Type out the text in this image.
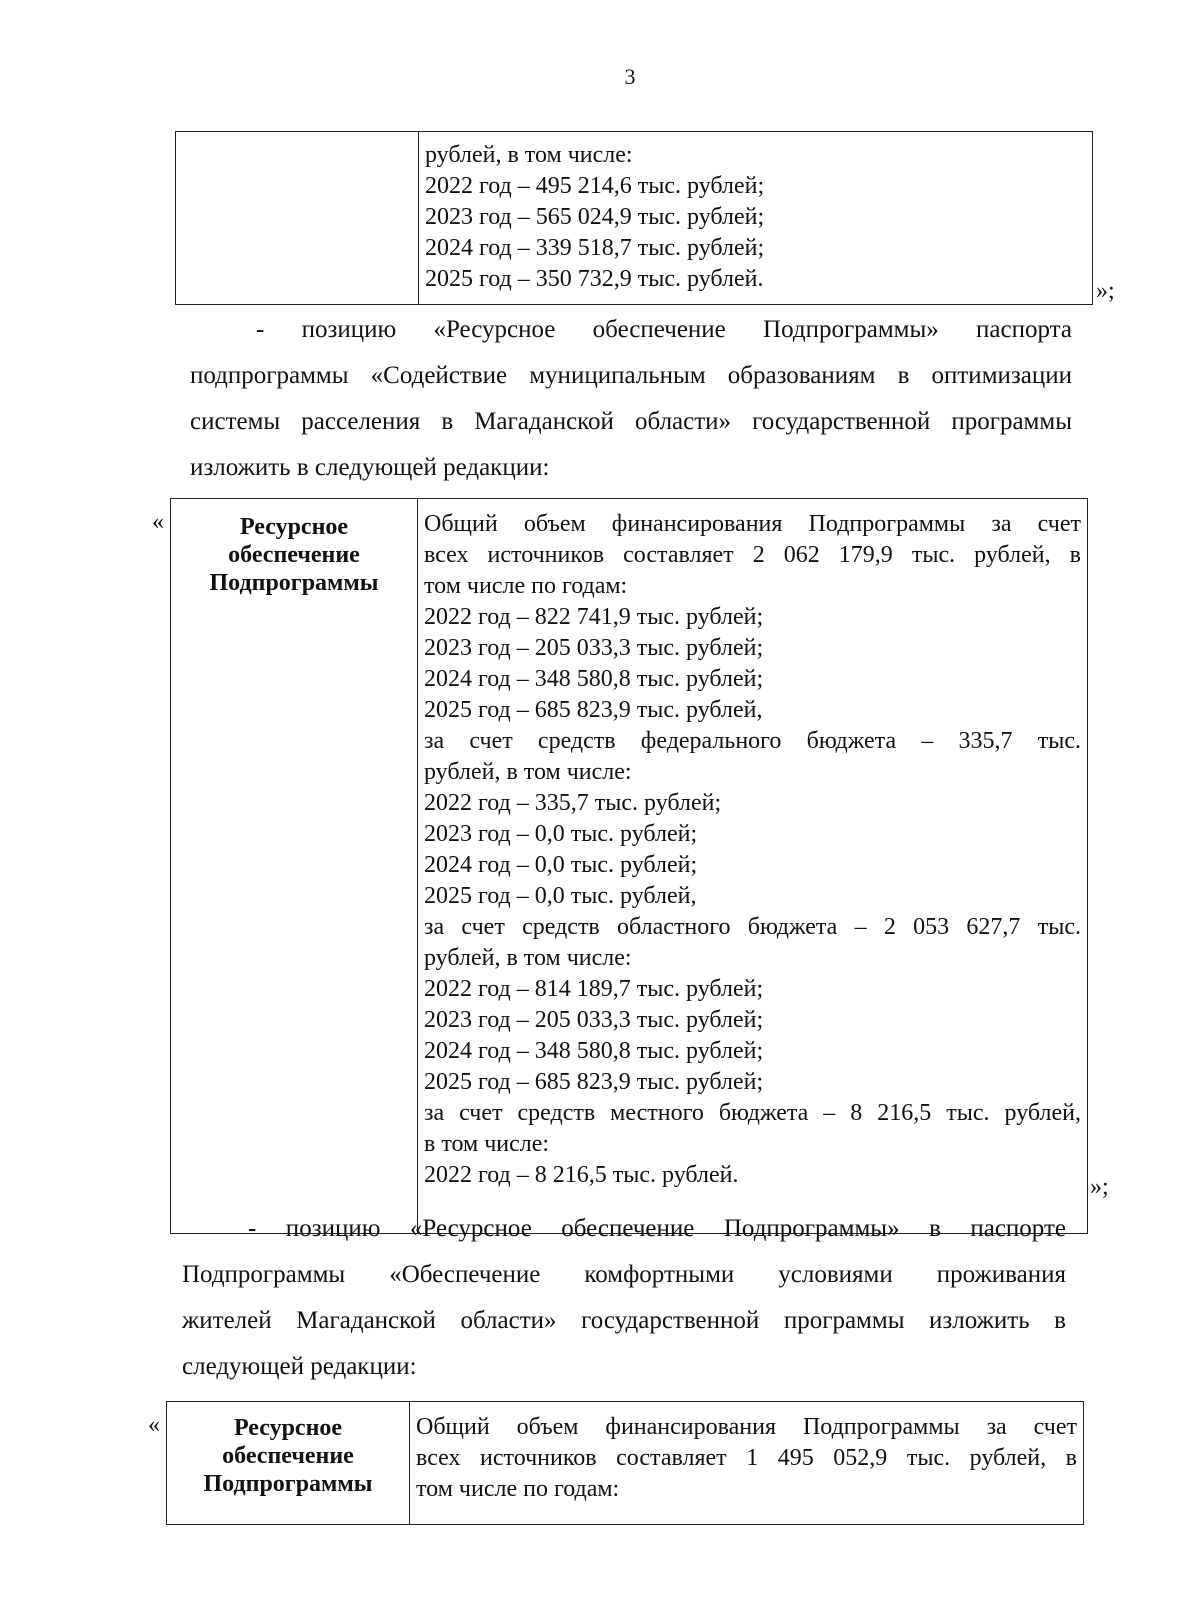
3

рублей, в том числе:
2022 год – 495 214,6 тыс. рублей;
2023 год – 565 024,9 тыс. рублей;
2024 год – 339 518,7 тыс. рублей;
2025 год – 350 732,9 тыс. рублей.	»;
- позицию «Ресурсное обеспечение Подпрограммы» паспорта
подпрограммы «Содействие муниципальным образованиям в оптимизации
системы расселения в Магаданской области» государственной программы
изложить в следующей редакции:
«	Ресурсное
обеспечение
Подпрограммы

Общий объем финансирования Подпрограммы за счет
всех источников составляет 2 062 179,9 тыс. рублей, в
том числе по годам:
2022 год – 822 741,9 тыс. рублей;
2023 год – 205 033,3 тыс. рублей;
2024 год – 348 580,8 тыс. рублей;
2025 год – 685 823,9 тыс. рублей,
за счет средств федерального бюджета – 335,7 тыс.
рублей, в том числе:
2022 год – 335,7 тыс. рублей;
2023 год – 0,0 тыс. рублей;
2024 год – 0,0 тыс. рублей;
2025 год – 0,0 тыс. рублей,
за счет средств областного бюджета – 2 053 627,7 тыс.
рублей, в том числе:
2022 год – 814 189,7 тыс. рублей;
2023 год – 205 033,3 тыс. рублей;
2024 год – 348 580,8 тыс. рублей;
2025 год – 685 823,9 тыс. рублей;
за счет средств местного бюджета – 8 216,5 тыс. рублей,
в том числе:
2022 год – 8 216,5 тыс. рублей.	»;
- позицию «Ресурсное обеспечение Подпрограммы» в паспорте
Подпрограммы «Обеспечение комфортными условиями проживания
жителей Магаданской области» государственной программы изложить в
следующей редакции:
«	Ресурсное
обеспечение
Подпрограммы

Общий объем финансирования Подпрограммы за счет
всех источников составляет 1 495 052,9 тыс. рублей, в
том числе по годам:
